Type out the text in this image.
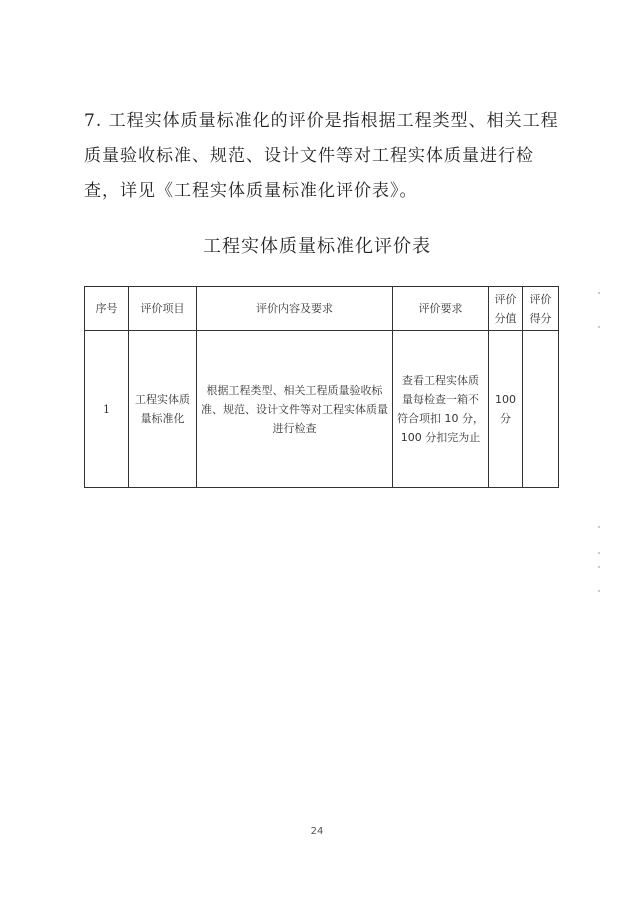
7. 工程实体质量标准化的评价是指根据工程类型、相关工程质量验收标准、规范、设计文件等对工程实体质量进行检查，详见《工程实体质量标准化评价表》。

工程实体质量标准化评价表
序号	评价项目	评价内容及要求	评价要求	评价分值	评价得分
1	工程实体质量标准化	根据工程类型、相关工程质量验收标准、规范、设计文件等对工程实体质量进行检查	查看工程实体质量每检查一箱不符合项扣 10 分，100 分扣完为止	100分	
24
